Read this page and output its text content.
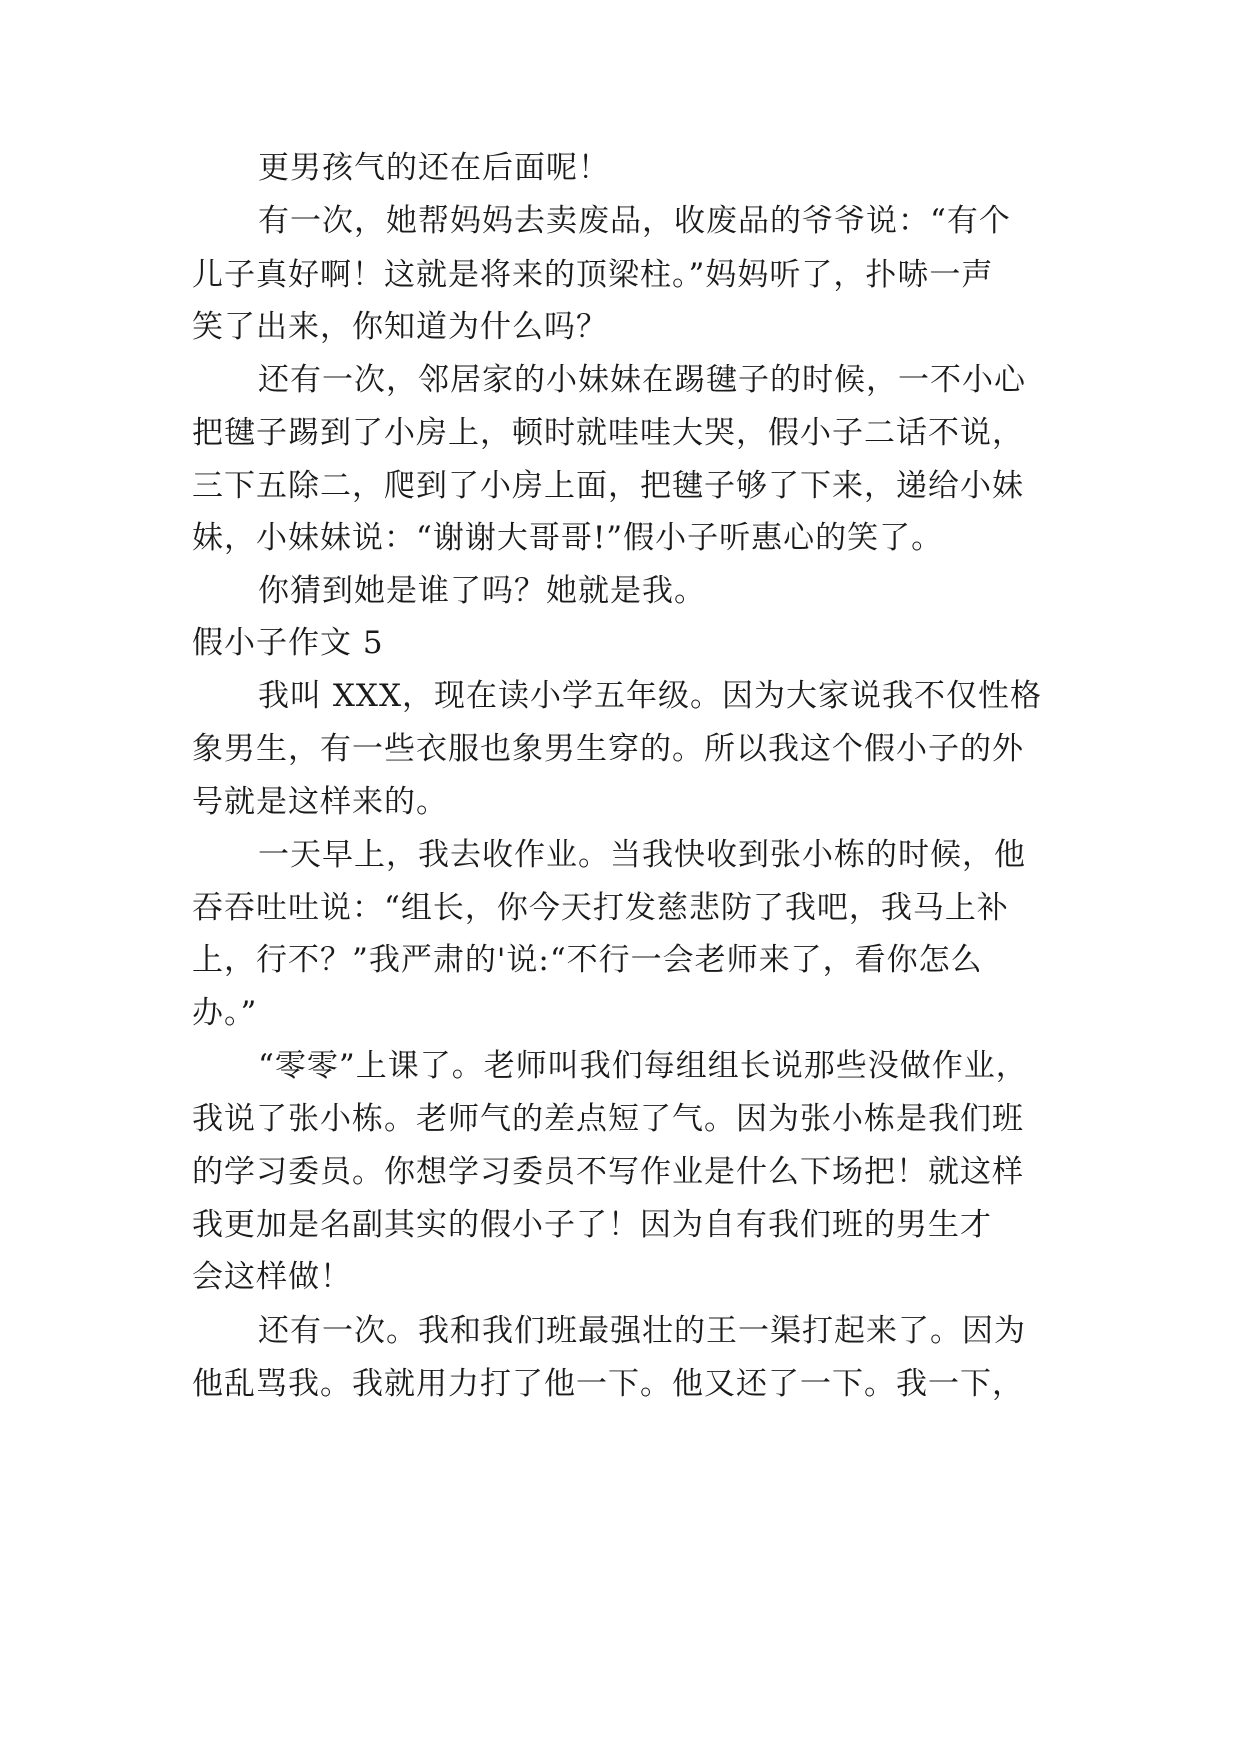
更男孩气的还在后面呢！
有一次，她帮妈妈去卖废品，收废品的爷爷说：“有个
儿子真好啊！这就是将来的顶梁柱。”妈妈听了，扑哧一声
笑了出来，你知道为什么吗？
还有一次，邻居家的小妹妹在踢毽子的时候，一不小心
把毽子踢到了小房上，顿时就哇哇大哭，假小子二话不说，
三下五除二，爬到了小房上面，把毽子够了下来，递给小妹
妹，小妹妹说：“谢谢大哥哥!”假小子听惠心的笑了。
你猜到她是谁了吗？她就是我。
假小子作文 5
我叫 XXX，现在读小学五年级。因为大家说我不仅性格
象男生，有一些衣服也象男生穿的。所以我这个假小子的外
号就是这样来的。
一天早上，我去收作业。当我快收到张小栋的时候，他
吞吞吐吐说：“组长，你今天打发慈悲防了我吧，我马上补
上，行不？”我严肃的'说:“不行一会老师来了，看你怎么
办。”
“零零”上课了。老师叫我们每组组长说那些没做作业，
我说了张小栋。老师气的差点短了气。因为张小栋是我们班
的学习委员。你想学习委员不写作业是什么下场把！就这样
我更加是名副其实的假小子了！因为自有我们班的男生才
会这样做！
还有一次。我和我们班最强壮的王一渠打起来了。因为
他乱骂我。我就用力打了他一下。他又还了一下。我一下，
